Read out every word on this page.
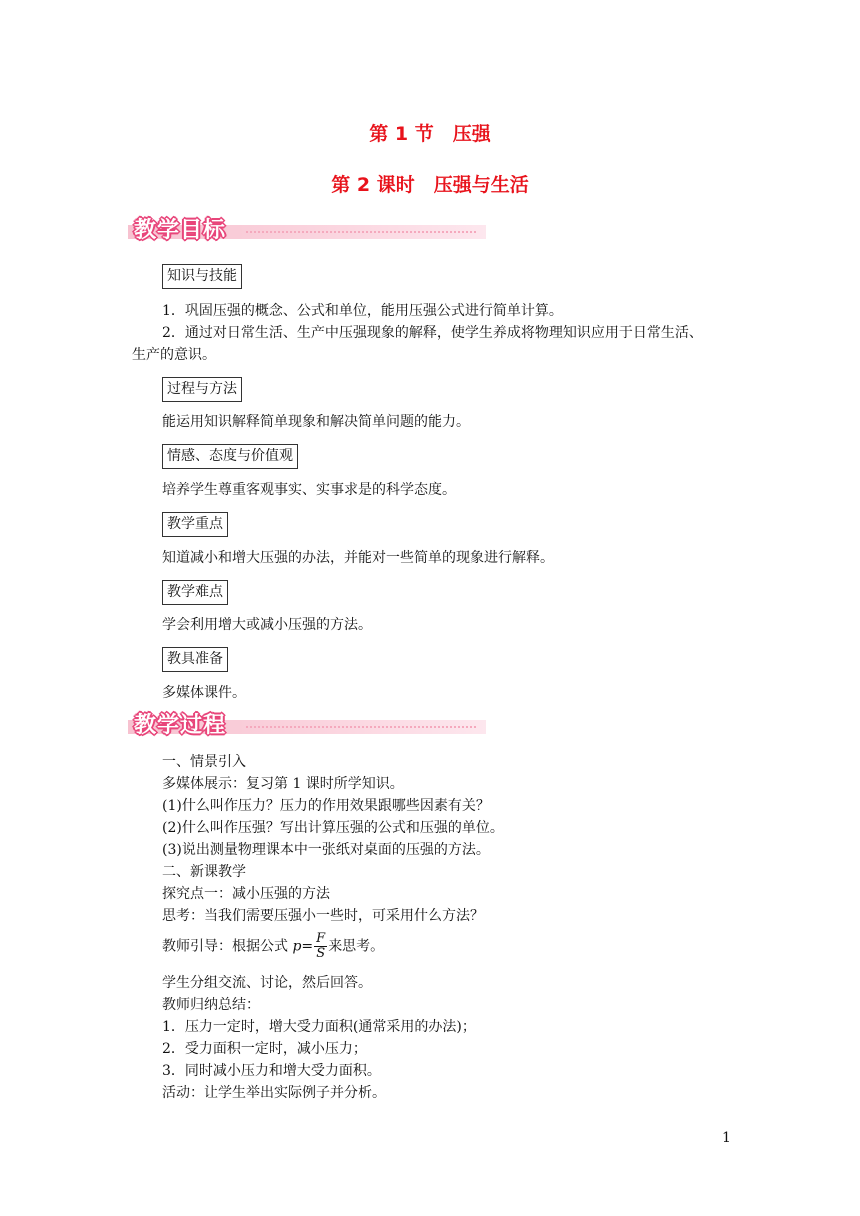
第 1 节　压强
第 2 课时　压强与生活
教学目标
知识与技能
1．巩固压强的概念、公式和单位，能用压强公式进行简单计算。
2．通过对日常生活、生产中压强现象的解释，使学生养成将物理知识应用于日常生活、
生产的意识。
过程与方法
能运用知识解释简单现象和解决简单问题的能力。
情感、态度与价值观
培养学生尊重客观事实、实事求是的科学态度。
教学重点
知道减小和增大压强的办法，并能对一些简单的现象进行解释。
教学难点
学会利用增大或减小压强的方法。
教具准备
多媒体课件。
教学过程
一、情景引入
多媒体展示：复习第 1 课时所学知识。
(1)什么叫作压力？压力的作用效果跟哪些因素有关？
(2)什么叫作压强？写出计算压强的公式和压强的单位。
(3)说出测量物理课本中一张纸对桌面的压强的方法。
二、新课教学
探究点一：减小压强的方法
思考：当我们需要压强小一些时，可采用什么方法？
教师引导：根据公式 $p= \frac{F}{S}$ 来思考。
学生分组交流、讨论，然后回答。
教师归纳总结：
1．压力一定时，增大受力面积(通常采用的办法)；
2．受力面积一定时，减小压力；
3．同时减小压力和增大受力面积。
活动：让学生举出实际例子并分析。
1
